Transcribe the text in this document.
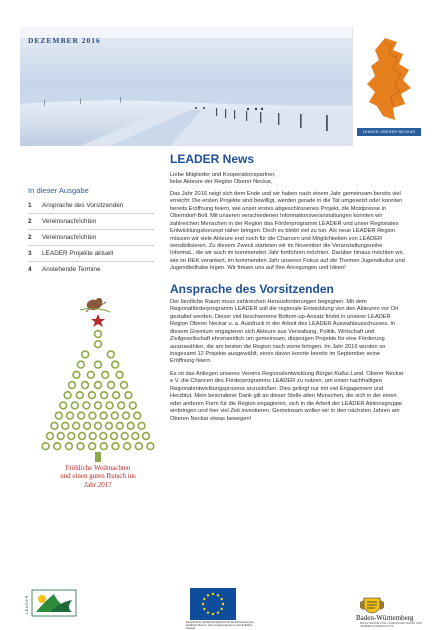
DEZEMBER 2016
LEADER OBERER NECKAR
In dieser Ausgabe
1	Ansprache des Vorsitzenden
2	Vereinsnachrichten
2	Vereinsnachrichten
3	LEADER Projekte aktuell
4	Anstehende Termine
Fröhliche Weihnachten
und einen guten Rutsch ins
Jahr 2017
LEADER News
Liebe Mitglieder und Kooperationspartner,
liebe Akteure der Region Oberer Neckar,

Das Jahr 2016 neigt sich dem Ende und wir haben nach einem Jahr gemeinsam bereits viel erreicht: Die ersten Projekte sind bewilligt, werden gerade in die Tat umgesetzt oder konnten bereits Eröffnung feiern, wie unser erstes abgeschlossenes Projekt, die Mostpresse in Oberndorf-Boll. Mit unseren verschiedenen Informationsveranstaltungen konnten wir zahlreichen Menschen in der Region das Förderprogramm LEADER und unser Regionales Entwicklungskonzept näher bringen. Doch es bleibt viel zu tun. Als neue LEADER Region müssen wir viele Akteure erst noch für die Chancen und Möglichkeiten von LEADER sensibilisieren. Zu diesem Zweck starteten wir im November die Veranstaltungsreihe InformaL, die wir auch im kommenden Jahr fortführen möchten. Darüber hinaus möchten wir, wie im REK verankert, im kommenden Jahr unseren Fokus auf die Themen Jugendkultur und Jugendteilhabe legen. Wir freuen uns auf Ihre Anregungen und Ideen!

Ansprache des Vorsitzenden

Der ländliche Raum muss zahlreichen Herausforderungen begegnen. Mit dem Regionalförderprogramm LEADER soll die regionale Entwicklung von den Akteuren vor Ort gestaltet werden. Dieser viel beschworene Bottom-up-Ansatz findet in unserer LEADER Region Oberer Neckar u. a. Ausdruck in der Arbeit des LEADER Auswahlausschusses. In diesem Gremium engagieren sich Akteure aus Verwaltung, Politik, Wirtschaft und Zivilgesellschaft ehrenamtlich um gemeinsam, diejenigen Projekte für eine Förderung auszuwählen, die am besten die Region nach vorne bringen. Im Jahr 2016 wurden so insgesamt 12 Projekte ausgewählt, eines davon konnte bereits im September seine Eröffnung feiern.

Es ist das Anliegen unseres Vereins Regionalentwicklung Bürger.Kultur.Land. Oberer Neckar e.V. die Chancen des Förderprogramms LEADER zu nutzen, um einen nachhaltigen Regionalentwicklungsprozess anzustoßen. Dies gelingt nur mit viel Engagement und Herzblut. Mein besonderer Dank gilt an dieser Stelle allen Menschen, die sich in der einen oder anderen Form für die Region engagieren, sich in die Arbeit der LEADER Aktionsgruppe einbringen und hier viel Zeit investieren. Gemeinsam wollen wir in den nächsten Jahren am Oberen Neckar etwas bewegen!

LEADER
Europäischer Landwirtschaftsfonds für die Entwicklung des ländlichen Raums: Hier investiert Europa in die ländlichen Gebiete
Baden-Württemberg
MINISTERIUM FÜR LÄNDLICHEN RAUM UND VERBRAUCHERSCHUTZ
